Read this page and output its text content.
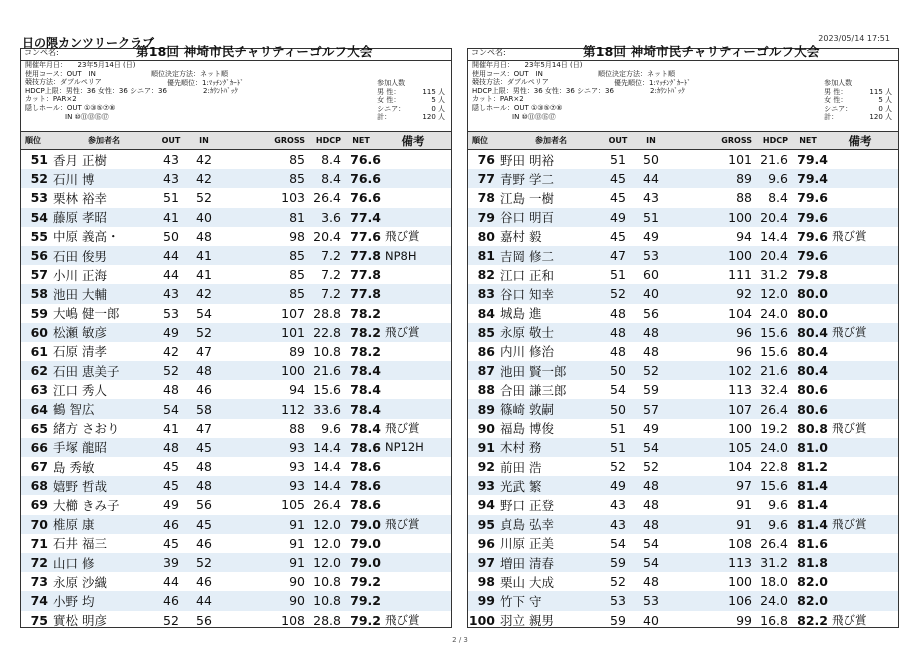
日の隈カンツリークラブ	2023/05/14 17:51
コンペ名:	第18回 神埼市民チャリティーゴルフ大会
開催年月日：　　23年5月14日 (日)
使用コース：OUT　IN
競技方法：ダブルペリア
HDCP上限：男性：36 女性：36 シニア：36
カット：PAR×2
隠しホール：OUT ①③⑤⑦⑧
IN ⑩⑪⑬⑮⑰
順位決定方法：ネット順
優先順位：1:ﾏｯﾁﾝｸﾞｶｰﾄﾞ
2:ｶｳﾝﾄﾊﾞｯｸ
参加人数
男 性：	115 人
女 性：	5 人
シニア：	0 人
計：	120 人
順位	参加者名	OUT	IN	GROSS	HDCP	NET	備考
51 香月 正樹	43	42	85	8.4 76.6
52 石川 博	43	42	85	8.4 76.6
53 栗林 裕幸	51	52	103 26.4 76.6
54 藤原 孝昭	41	40	81	3.6 77.4
55 中原 義高・	50	48	98 20.4 77.6 飛び賞
56 石田 俊男	44	41	85	7.2 77.8 NP8H
57 小川 正海	44	41	85	7.2 77.8
58 池田 大輔	43	42	85	7.2 77.8
59 大嶋 健一郎	53	54	107 28.8 78.2
60 松瀬 敏彦	49	52	101 22.8 78.2 飛び賞
61 石原 清孝	42	47	89 10.8 78.2
62 石田 恵美子	52	48	100 21.6 78.4
63 江口 秀人	48	46	94 15.6 78.4
64 鶴 智広	54	58	112 33.6 78.4
65 緒方 さおり	41	47	88	9.6 78.4 飛び賞
66 手塚 龍昭	48	45	93 14.4 78.6 NP12H
67 島 秀敏	45	48	93 14.4 78.6
68 嬉野 哲哉	45	48	93 14.4 78.6
69 大櫛 きみ子	49	56	105 26.4 78.6
70 椎原 康	46	45	91 12.0 79.0 飛び賞
71 石井 福三	45	46	91 12.0 79.0
72 山口 修	39	52	91 12.0 79.0
73 永原 沙織	44	46	90 10.8 79.2
74 小野 均	46	44	90 10.8 79.2
75 實松 明彦	52	56	108 28.8 79.2 飛び賞
コンペ名:	第18回 神埼市民チャリティーゴルフ大会
開催年月日：　　23年5月14日 (日)
使用コース：OUT　IN
競技方法：ダブルペリア
HDCP上限：男性：36 女性：36 シニア：36
カット：PAR×2
隠しホール：OUT ①③⑤⑦⑧
IN ⑩⑪⑬⑮⑰
順位決定方法：ネット順
優先順位：1:ﾏｯﾁﾝｸﾞｶｰﾄﾞ
2:ｶｳﾝﾄﾊﾞｯｸ
参加人数
男 性：	115 人
女 性：	5 人
シニア：	0 人
計：	120 人
順位	参加者名	OUT	IN	GROSS	HDCP	NET	備考
76 野田 明裕	51	50	101 21.6 79.4
77 青野 学二	45	44	89	9.6 79.4
78 江島 一樹	45	43	88	8.4 79.6
79 谷口 明百	49	51	100 20.4 79.6
80 嘉村 毅	45	49	94 14.4 79.6 飛び賞
81 吉岡 修二	47	53	100 20.4 79.6
82 江口 正和	51	60	111 31.2 79.8
83 谷口 知幸	52	40	92 12.0 80.0
84 城島 進	48	56	104 24.0 80.0
85 永原 敬士	48	48	96 15.6 80.4 飛び賞
86 内川 修治	48	48	96 15.6 80.4
87 池田 賢一郎	50	52	102 21.6 80.4
88 合田 謙三郎	54	59	113 32.4 80.6
89 篠崎 敦嗣	50	57	107 26.4 80.6
90 福島 博俊	51	49	100 19.2 80.8 飛び賞
91 木村 務	51	54	105 24.0 81.0
92 前田 浩	52	52	104 22.8 81.2
93 光武 繁	49	48	97 15.6 81.4
94 野口 正登	43	48	91	9.6 81.4
95 貞島 弘幸	43	48	91	9.6 81.4 飛び賞
96 川原 正美	54	54	108 26.4 81.6
97 増田 清春	59	54	113 31.2 81.8
98 栗山 大成	52	48	100 18.0 82.0
99 竹下 守	53	53	106 24.0 82.0
100 羽立 親男	59	40	99 16.8 82.2 飛び賞
2 / 3
